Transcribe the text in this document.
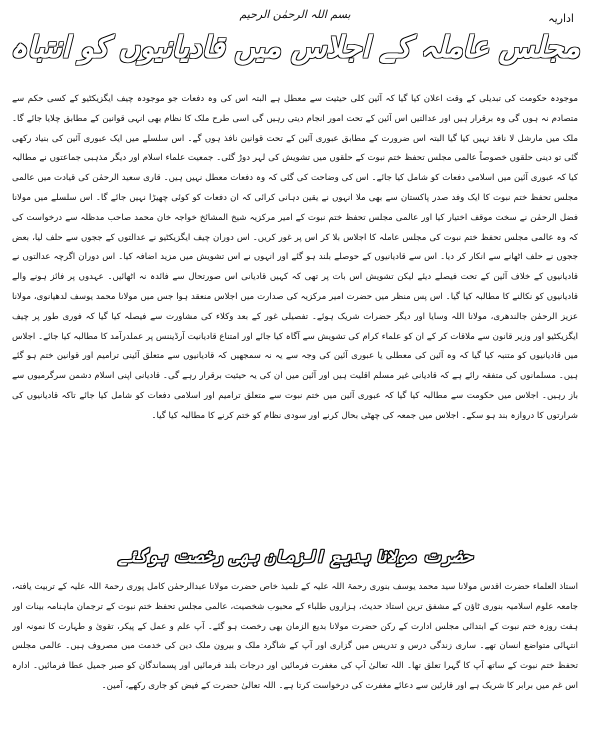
اداریہ
بسم اللہ الرحمٰن الرحیم
مجلس عاملہ کے اجلاس میں قادیانیوں کو انتباہ

موجودہ حکومت کی تبدیلی کے وقت اعلان کیا گیا کہ آئین کلی حیثیت سے معطل ہے البتہ اس کی وہ دفعات جو موجودہ چیف ایگزیکٹیو کے کسی حکم سے متصادم نہ ہوں گی وہ برقرار ہیں اور عدالتیں اس آئین کے تحت امور انجام دیتی رہیں گی اسی طرح ملک کا نظام بھی انہی قوانین کے مطابق چلایا جائے گا۔ ملک میں مارشل لا نافذ نہیں کیا گیا البتہ اس ضرورت کے مطابق عبوری آئین کے تحت قوانین نافذ ہوں گے۔ اس سلسلے میں ایک عبوری آئین کی بنیاد رکھی گئی تو دینی حلقوں خصوصاً عالمی مجلس تحفظ ختم نبوت کے حلقوں میں تشویش کی لہر دوڑ گئی۔ جمعیت علماء اسلام اور دیگر مذہبی جماعتوں نے مطالبہ کیا کہ عبوری آئین میں اسلامی دفعات کو شامل کیا جائے۔ اس کی وضاحت کی گئی کہ وہ دفعات معطل نہیں ہیں۔ قاری سعید الرحمٰن کی قیادت میں عالمی مجلس تحفظ ختم نبوت کا ایک وفد صدر پاکستان سے بھی ملا انہوں نے یقین دہانی کرائی کہ ان دفعات کو کوئی چھیڑا نہیں جائے گا۔ اس سلسلے میں مولانا فضل الرحمٰن نے سخت موقف اختیار کیا اور عالمی مجلس تحفظ ختم نبوت کے امیر مرکزیہ شیخ المشائخ خواجہ خان محمد صاحب مدظلہ سے درخواست کی کہ وہ عالمی مجلس تحفظ ختم نبوت کی مجلس عاملہ کا اجلاس بلا کر اس پر غور کریں۔ اس دوران چیف ایگزیکٹیو نے عدالتوں کے ججوں سے حلف لیا، بعض ججوں نے حلف اٹھانے سے انکار کر دیا۔ اس سے قادیانیوں کے حوصلے بلند ہو گئے اور انہوں نے اس تشویش میں مزید اضافہ کیا۔ اس دوران اگرچہ عدالتوں نے قادیانیوں کے خلاف آئین کے تحت فیصلے دیئے لیکن تشویش اس بات پر تھی کہ کہیں قادیانی اس صورتحال سے فائدہ نہ اٹھائیں۔ عہدوں پر فائز ہونے والے قادیانیوں کو نکالنے کا مطالبہ کیا گیا۔ اس پس منظر میں حضرت امیر مرکزیہ کی صدارت میں اجلاس منعقد ہوا جس میں مولانا محمد یوسف لدھیانوی، مولانا عزیز الرحمٰن جالندھری، مولانا اللہ وسایا اور دیگر حضرات شریک ہوئے۔ تفصیلی غور کے بعد وکلاء کی مشاورت سے فیصلہ کیا گیا کہ فوری طور پر چیف ایگزیکٹیو اور وزیر قانون سے ملاقات کر کے ان کو علماء کرام کی تشویش سے آگاہ کیا جائے اور امتناع قادیانیت آرڈیننس پر عملدرآمد کا مطالبہ کیا جائے۔ اجلاس میں قادیانیوں کو متنبہ کیا گیا کہ وہ آئین کی معطلی یا عبوری آئین کی وجہ سے یہ نہ سمجھیں کہ قادیانیوں سے متعلق آئینی ترامیم اور قوانین ختم ہو گئے ہیں۔ مسلمانوں کی متفقہ رائے ہے کہ قادیانی غیر مسلم اقلیت ہیں اور آئین میں ان کی یہ حیثیت برقرار رہے گی۔ قادیانی اپنی اسلام دشمن سرگرمیوں سے باز رہیں۔ اجلاس میں حکومت سے مطالبہ کیا گیا کہ عبوری آئین میں ختم نبوت سے متعلق ترامیم اور اسلامی دفعات کو شامل کیا جائے تاکہ قادیانیوں کی شرارتوں کا دروازہ بند ہو سکے۔ اجلاس میں جمعہ کی چھٹی بحال کرنے اور سودی نظام کو ختم کرنے کا مطالبہ کیا گیا۔

حضرت مولانا بدیع الزمان بھی رخصت ہوگئے

استاذ العلماء حضرت اقدس مولانا سید محمد یوسف بنوری رحمۃ اللہ علیہ کے تلمیذ خاص حضرت مولانا عبدالرحمٰن کامل پوری رحمۃ اللہ علیہ کے تربیت یافتہ، جامعہ علوم اسلامیہ بنوری ٹاؤن کے مشفق ترین استاذ حدیث، ہزاروں طلباء کے محبوب شخصیت، عالمی مجلس تحفظ ختم نبوت کے ترجمان ماہنامہ بینات اور ہفت روزہ ختم نبوت کے ابتدائی مجلس ادارت کے رکن حضرت مولانا بدیع الزمان بھی رخصت ہو گئے۔ آپ علم و عمل کے پیکر، تقویٰ و طہارت کا نمونہ اور انتہائی متواضع انسان تھے۔ ساری زندگی درس و تدریس میں گزاری اور آپ کے شاگرد ملک و بیرون ملک دین کی خدمت میں مصروف ہیں۔ عالمی مجلس تحفظ ختم نبوت کے ساتھ آپ کا گہرا تعلق تھا۔ اللہ تعالیٰ آپ کی مغفرت فرمائیں اور درجات بلند فرمائیں اور پسماندگان کو صبر جمیل عطا فرمائیں۔ ادارہ اس غم میں برابر کا شریک ہے اور قارئین سے دعائے مغفرت کی درخواست کرتا ہے۔ اللہ تعالیٰ حضرت کے فیض کو جاری رکھے، آمین۔
